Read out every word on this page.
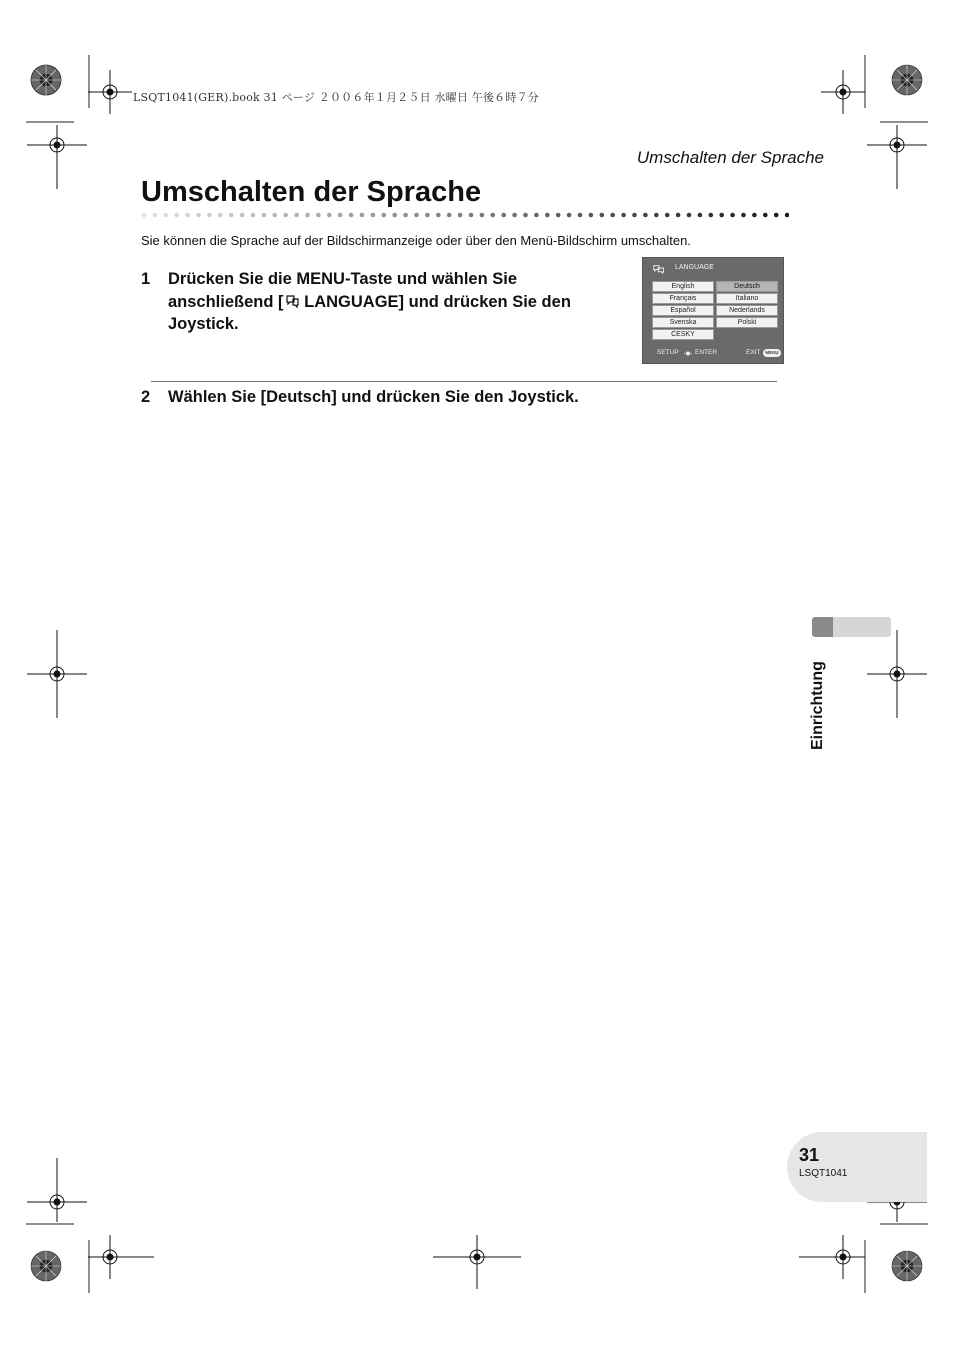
LSQT1041(GER).book 31 ページ ２００６年１月２５日 水曜日 午後６時７分
Umschalten der Sprache
Umschalten der Sprache

Sie können die Sprache auf der Bildschirmanzeige oder über den Menü-Bildschirm umschalten.

1 Drücken Sie die MENU-Taste und wählen Sie anschließend [ LANGUAGE] und drücken Sie den Joystick.
LANGUAGE
English
Français
Español
Svenska
ČESKY
Deutsch
Italiano
Nederlands
Polski
SETUP	ENTER	EXIT	MENU
2 Wählen Sie [Deutsch] und drücken Sie den Joystick.
Einrichtung
31
LSQT1041
